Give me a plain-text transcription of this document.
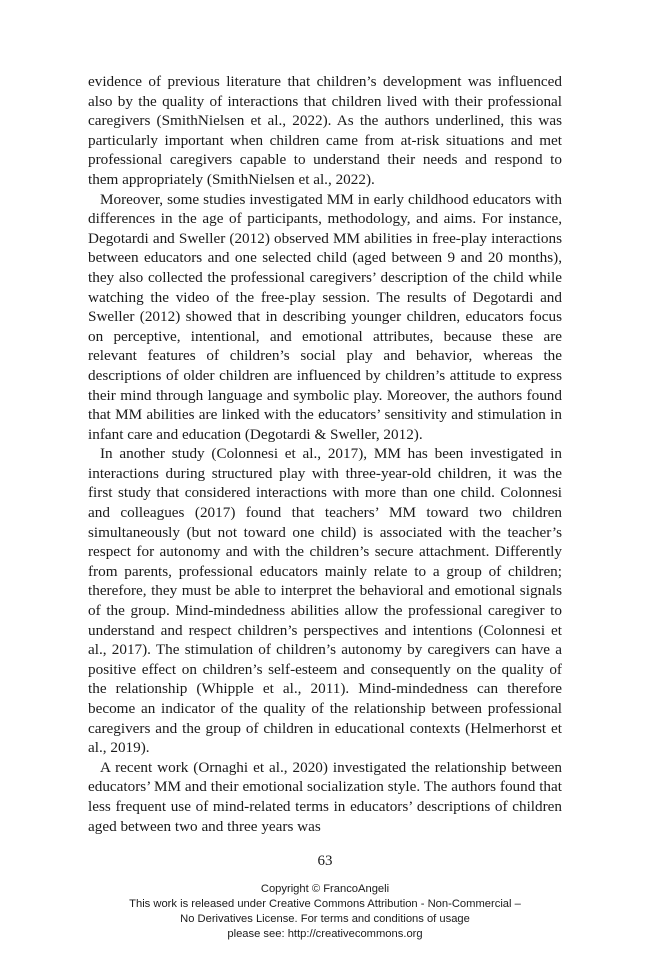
evidence of previous literature that children’s development was influenced also by the quality of interactions that children lived with their professional caregivers (SmithNielsen et al., 2022). As the authors underlined, this was particularly important when children came from at-risk situations and met professional caregivers capable to understand their needs and respond to them appropriately (SmithNielsen et al., 2022).

Moreover, some studies investigated MM in early childhood educators with differences in the age of participants, methodology, and aims. For instance, Degotardi and Sweller (2012) observed MM abilities in free-play interactions between educators and one selected child (aged between 9 and 20 months), they also collected the professional caregivers’ description of the child while watching the video of the free-play session. The results of Degotardi and Sweller (2012) showed that in describing younger children, educators focus on perceptive, intentional, and emotional attributes, because these are relevant features of children’s social play and behavior, whereas the descriptions of older children are influenced by children’s attitude to express their mind through language and symbolic play. Moreover, the authors found that MM abilities are linked with the educators’ sensitivity and stimulation in infant care and education (Degotardi & Sweller, 2012).

In another study (Colonnesi et al., 2017), MM has been investigated in interactions during structured play with three-year-old children, it was the first study that considered interactions with more than one child. Colonnesi and colleagues (2017) found that teachers’ MM toward two children simultaneously (but not toward one child) is associated with the teacher’s respect for autonomy and with the children’s secure attachment. Differently from parents, professional educators mainly relate to a group of children; therefore, they must be able to interpret the behavioral and emotional signals of the group. Mind-mindedness abilities allow the professional caregiver to understand and respect children’s perspectives and intentions (Colonnesi et al., 2017). The stimulation of children’s autonomy by caregivers can have a positive effect on children’s self-esteem and consequently on the quality of the relationship (Whipple et al., 2011). Mind-mindedness can therefore become an indicator of the quality of the relationship between professional caregivers and the group of children in educational contexts (Helmerhorst et al., 2019).

A recent work (Ornaghi et al., 2020) investigated the relationship between educators’ MM and their emotional socialization style. The authors found that less frequent use of mind-related terms in educators’ descriptions of children aged between two and three years was

63
Copyright © FrancoAngeli
This work is released under Creative Commons Attribution - Non-Commercial –
No Derivatives License. For terms and conditions of usage
please see: http://creativecommons.org
